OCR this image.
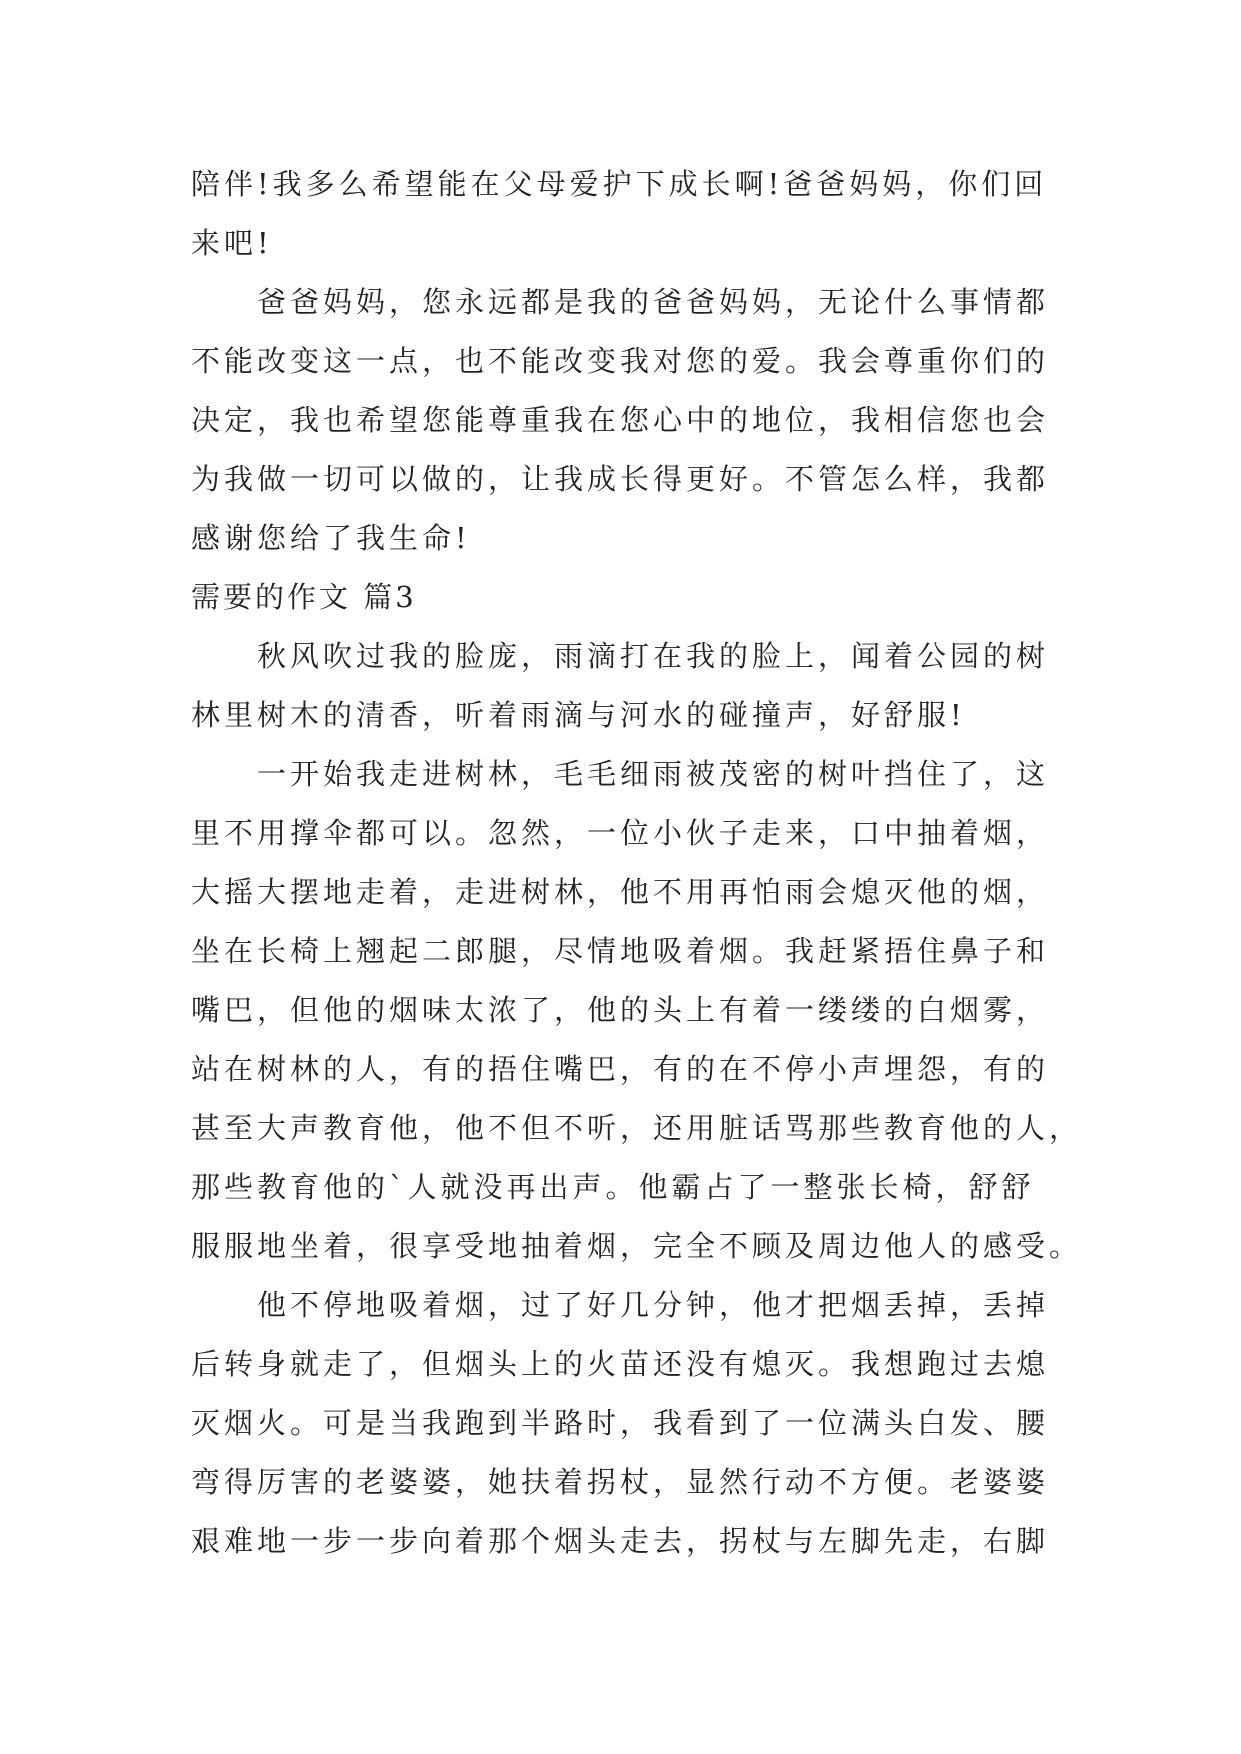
陪伴!我多么希望能在父母爱护下成长啊!爸爸妈妈，你们回
来吧!
爸爸妈妈，您永远都是我的爸爸妈妈，无论什么事情都
不能改变这一点，也不能改变我对您的爱。我会尊重你们的
决定，我也希望您能尊重我在您心中的地位，我相信您也会
为我做一切可以做的，让我成长得更好。不管怎么样，我都
感谢您给了我生命!
需要的作文 篇3
秋风吹过我的脸庞，雨滴打在我的脸上，闻着公园的树
林里树木的清香，听着雨滴与河水的碰撞声，好舒服!
一开始我走进树林，毛毛细雨被茂密的树叶挡住了，这
里不用撑伞都可以。忽然，一位小伙子走来，口中抽着烟，
大摇大摆地走着，走进树林，他不用再怕雨会熄灭他的烟，
坐在长椅上翘起二郎腿，尽情地吸着烟。我赶紧捂住鼻子和
嘴巴，但他的烟味太浓了，他的头上有着一缕缕的白烟雾，
站在树林的人，有的捂住嘴巴，有的在不停小声埋怨，有的
甚至大声教育他，他不但不听，还用脏话骂那些教育他的人，
那些教育他的`人就没再出声。他霸占了一整张长椅，舒舒
服服地坐着，很享受地抽着烟，完全不顾及周边他人的感受。
他不停地吸着烟，过了好几分钟，他才把烟丢掉，丢掉
后转身就走了，但烟头上的火苗还没有熄灭。我想跑过去熄
灭烟火。可是当我跑到半路时，我看到了一位满头白发、腰
弯得厉害的老婆婆，她扶着拐杖，显然行动不方便。老婆婆
艰难地一步一步向着那个烟头走去，拐杖与左脚先走，右脚
